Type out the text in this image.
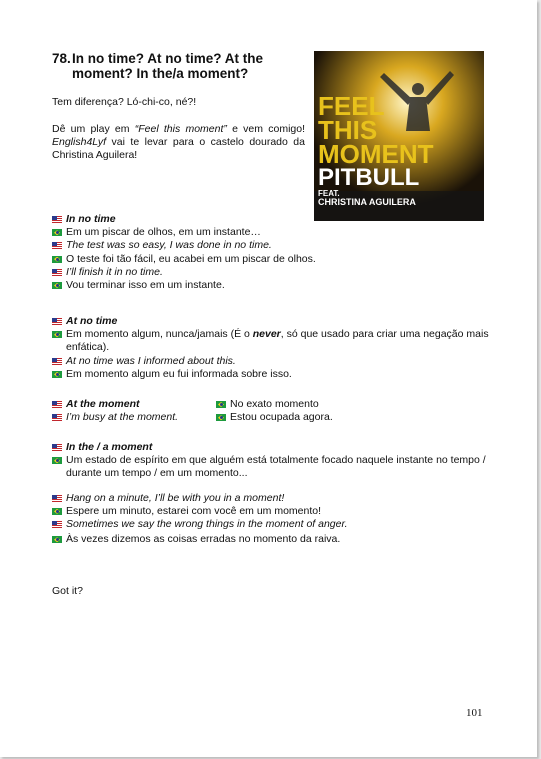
78. In no time? At no time? At the
moment? In the/a moment?

Tem diferença? Ló-chi-co, né?!

Dê um play em “Feel this moment” e vem comigo! English4Lyf vai te levar para o castelo dourado da Christina Aguilera!

FEEL
THIS
MOMENT
PITBULL
FEAT.
CHRISTINA AGUILERA
In no time
Em um piscar de olhos, em um instante…
The test was so easy, I was done in no time.
O teste foi tão fácil, eu acabei em um piscar de olhos.
I’ll finish it in no time.
Vou terminar isso em um instante.
At no time
Em momento algum, nunca/jamais (É o never, só que usado para criar uma negação mais enfática).
At no time was I informed about this.
Em momento algum eu fui informada sobre isso.
At the moment
I’m busy at the moment.
No exato momento
Estou ocupada agora.
In the / a moment
Um estado de espírito em que alguém está totalmente focado naquele instante no tempo / durante um tempo / em um momento...
Hang on a minute, I’ll be with you in a moment!
Espere um minuto, estarei com você em um momento!
Sometimes we say the wrong things in the moment of anger.
Às vezes dizemos as coisas erradas no momento da raiva.
Got it?
101
